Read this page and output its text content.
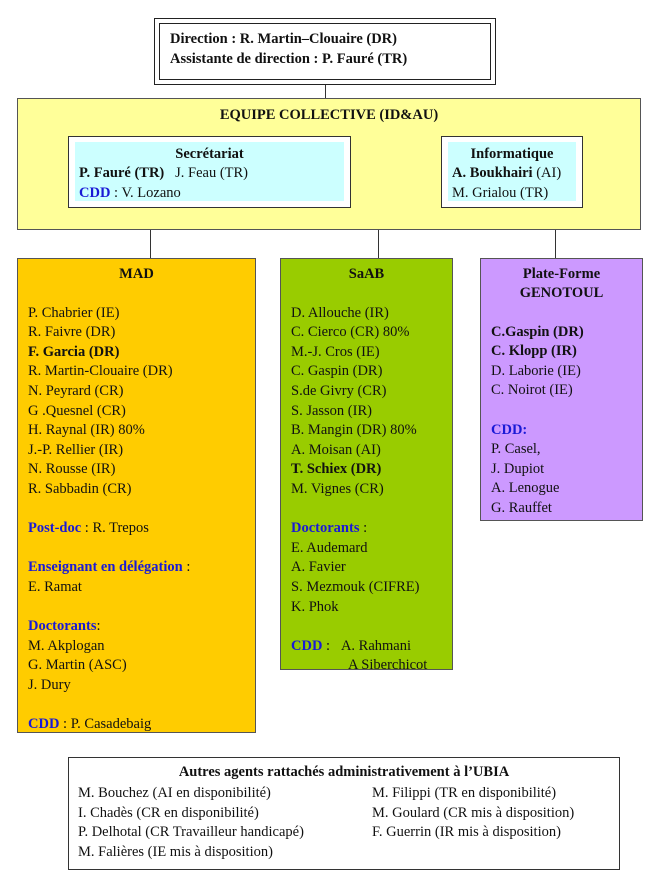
Direction : R. Martin–Clouaire (DR)
Assistante de direction : P. Fauré (TR)
EQUIPE COLLECTIVE (ID&AU)
Secrétariat
P. Fauré (TR) J. Feau (TR)
CDD : V. Lozano
Informatique
A. Boukhairi (AI)
M. Grialou (TR)
MAD
P. Chabrier (IE)
R. Faivre (DR)
F. Garcia (DR)
R. Martin-Clouaire (DR)
N. Peyrard (CR)
G .Quesnel (CR)
H. Raynal (IR) 80%
J.-P. Rellier (IR)
N. Rousse (IR)
R. Sabbadin (CR)
Post-doc : R. Trepos
Enseignant en délégation :
E. Ramat
Doctorants:
M. Akplogan
G. Martin (ASC)
J. Dury
CDD : P. Casadebaig
SaAB
D. Allouche (IR)
C. Cierco (CR) 80%
M.-J. Cros (IE)
C. Gaspin (DR)
S.de Givry (CR)
S. Jasson (IR)
B. Mangin (DR) 80%
A. Moisan (AI)
T. Schiex (DR)
M. Vignes (CR)
Doctorants :
E. Audemard
A. Favier
S. Mezmouk (CIFRE)
K. Phok
CDD : A. Rahmani
A Siberchicot
Plate-Forme
GENOTOUL
C.Gaspin (DR)
C. Klopp (IR)
D. Laborie (IE)
C. Noirot (IE)
CDD:
P. Casel,
J. Dupiot
A. Lenogue
G. Rauffet
Autres agents rattachés administrativement à l’UBIA
M. Bouchez (AI en disponibilité)
I. Chadès (CR en disponibilité)
P. Delhotal (CR Travailleur handicapé)
M. Falières (IE mis à disposition)
M. Filippi (TR en disponibilité)
M. Goulard (CR mis à disposition)
F. Guerrin (IR mis à disposition)
